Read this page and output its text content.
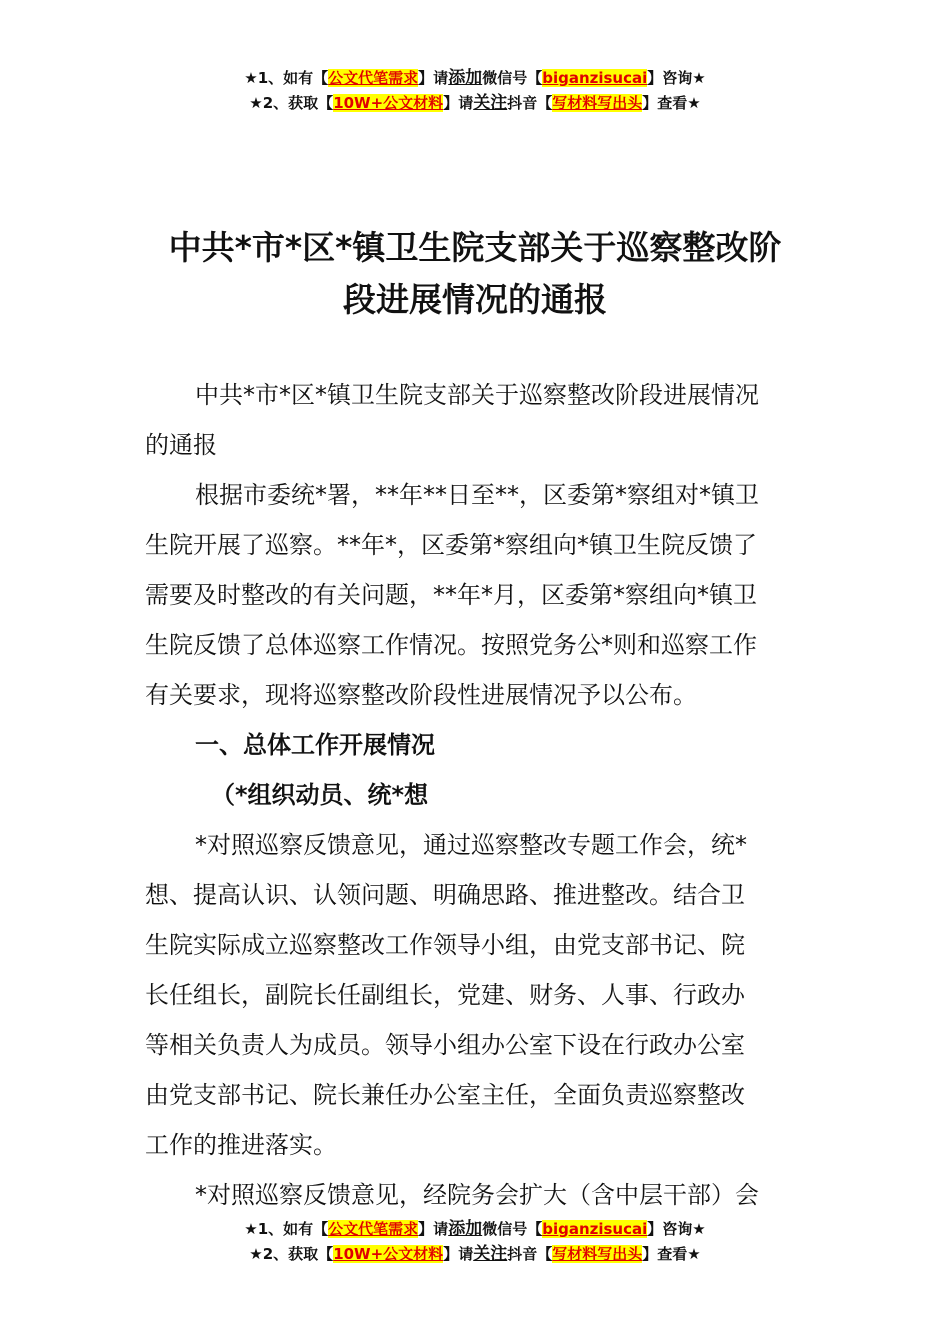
★1、如有【公文代笔需求】请添加微信号【biganzisucai】咨询★
★2、获取【10W+公文材料】请关注抖音【写材料写出头】查看★
中共*市*区*镇卫生院支部关于巡察整改阶
段进展情况的通报
中共*市*区*镇卫生院支部关于巡察整改阶段进展情况
的通报
根据市委统*署，**年**日至**，区委第*察组对*镇卫
生院开展了巡察。**年*，区委第*察组向*镇卫生院反馈了
需要及时整改的有关问题，**年*月，区委第*察组向*镇卫
生院反馈了总体巡察工作情况。按照党务公*则和巡察工作
有关要求，现将巡察整改阶段性进展情况予以公布。
一、总体工作开展情况
（*组织动员、统*想
*对照巡察反馈意见，通过巡察整改专题工作会，统*
想、提高认识、认领问题、明确思路、推进整改。结合卫
生院实际成立巡察整改工作领导小组，由党支部书记、院
长任组长，副院长任副组长，党建、财务、人事、行政办
等相关负责人为成员。领导小组办公室下设在行政办公室
由党支部书记、院长兼任办公室主任，全面负责巡察整改
工作的推进落实。
*对照巡察反馈意见，经院务会扩大（含中层干部）会
★1、如有【公文代笔需求】请添加微信号【biganzisucai】咨询★
★2、获取【10W+公文材料】请关注抖音【写材料写出头】查看★
